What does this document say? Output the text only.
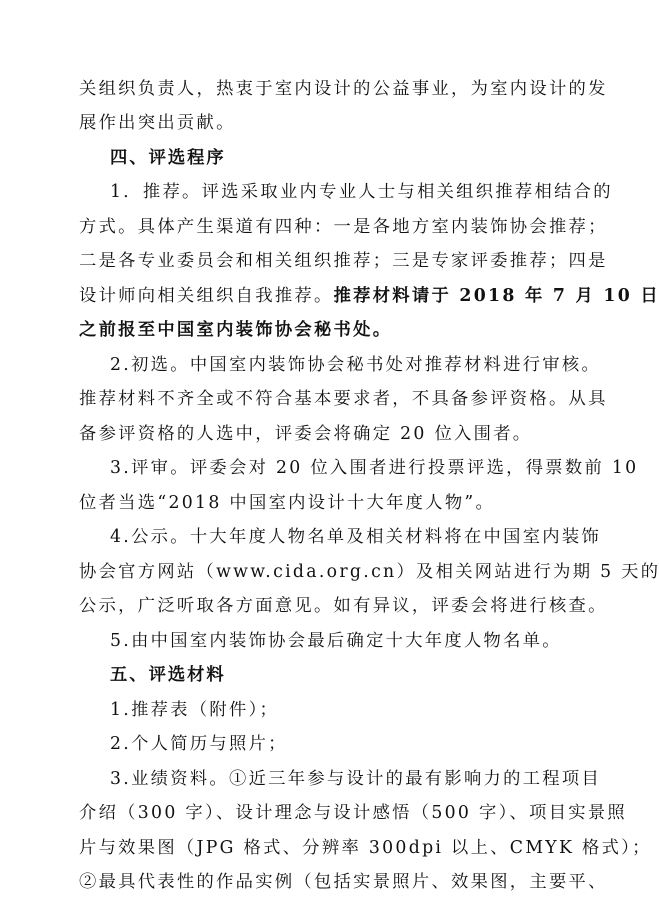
关组织负责人，热衷于室内设计的公益事业，为室内设计的发
展作出突出贡献。
四、评选程序
1．推荐。评选采取业内专业人士与相关组织推荐相结合的
方式。具体产生渠道有四种：一是各地方室内装饰协会推荐；
二是各专业委员会和相关组织推荐；三是专家评委推荐；四是
设计师向相关组织自我推荐。推荐材料请于 2018 年 7 月 10 日
之前报至中国室内装饰协会秘书处。
2.初选。中国室内装饰协会秘书处对推荐材料进行审核。
推荐材料不齐全或不符合基本要求者，不具备参评资格。从具
备参评资格的人选中，评委会将确定 20 位入围者。
3.评审。评委会对 20 位入围者进行投票评选，得票数前 10
位者当选“2018 中国室内设计十大年度人物”。
4.公示。十大年度人物名单及相关材料将在中国室内装饰
协会官方网站（www.cida.org.cn）及相关网站进行为期 5 天的
公示，广泛听取各方面意见。如有异议，评委会将进行核查。
5.由中国室内装饰协会最后确定十大年度人物名单。
五、评选材料
1.推荐表（附件）；
2.个人简历与照片；
3.业绩资料。①近三年参与设计的最有影响力的工程项目
介绍（300 字）、设计理念与设计感悟（500 字）、项目实景照
片与效果图（JPG 格式、分辨率 300dpi 以上、CMYK 格式）；
②最具代表性的作品实例（包括实景照片、效果图，主要平、
